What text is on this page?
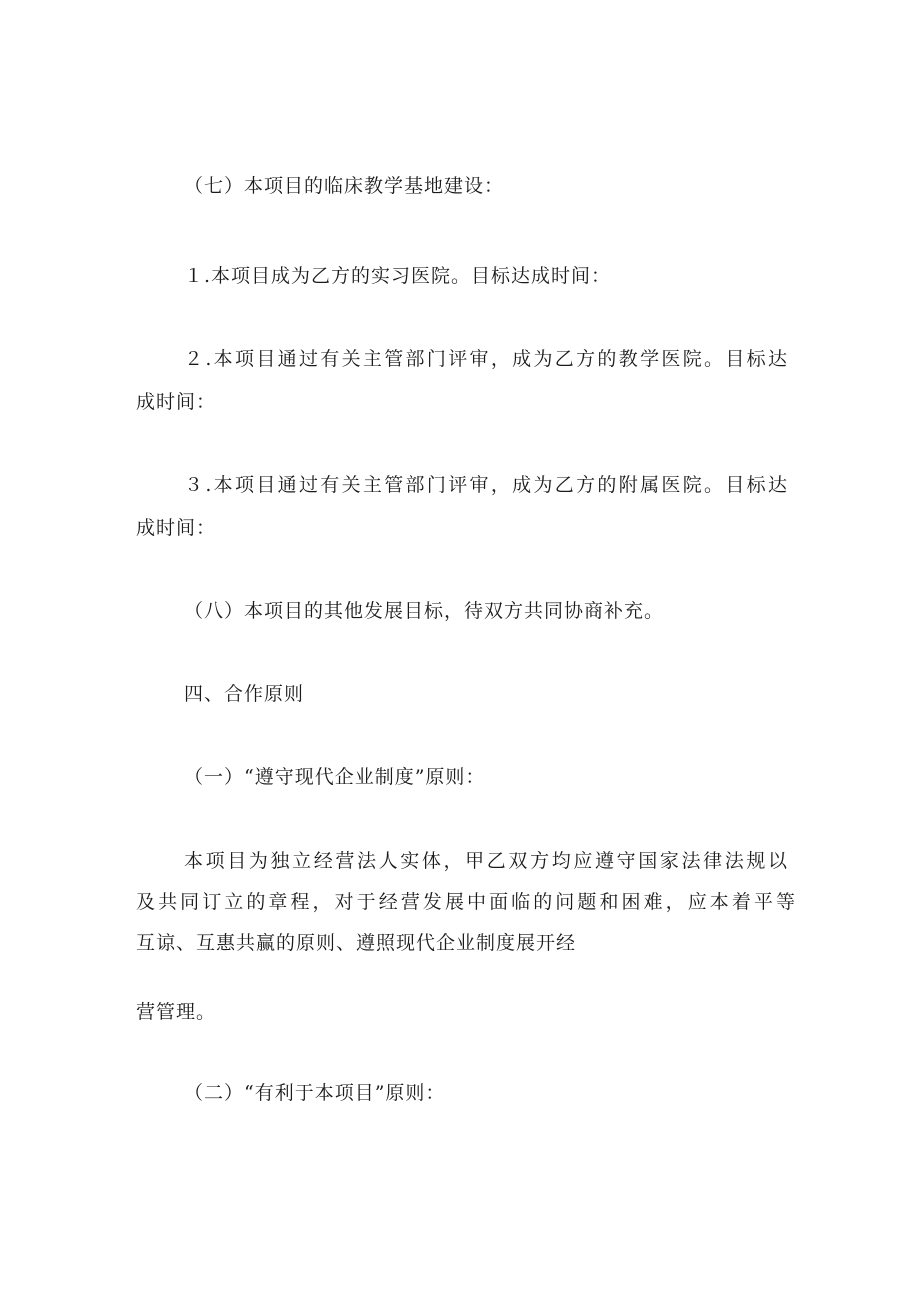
（七）本项目的临床教学基地建设：
１.本项目成为乙方的实习医院。目标达成时间：
２.本项目通过有关主管部门评审，成为乙方的教学医院。目标达
成时间：
３.本项目通过有关主管部门评审，成为乙方的附属医院。目标达
成时间：
（八）本项目的其他发展目标，待双方共同协商补充。
四、合作原则
（一）“遵守现代企业制度”原则：
本项目为独立经营法人实体，甲乙双方均应遵守国家法律法规以
及共同订立的章程，对于经营发展中面临的问题和困难，应本着平等
互谅、互惠共赢的原则、遵照现代企业制度展开经
营管理。
（二）“有利于本项目”原则：
